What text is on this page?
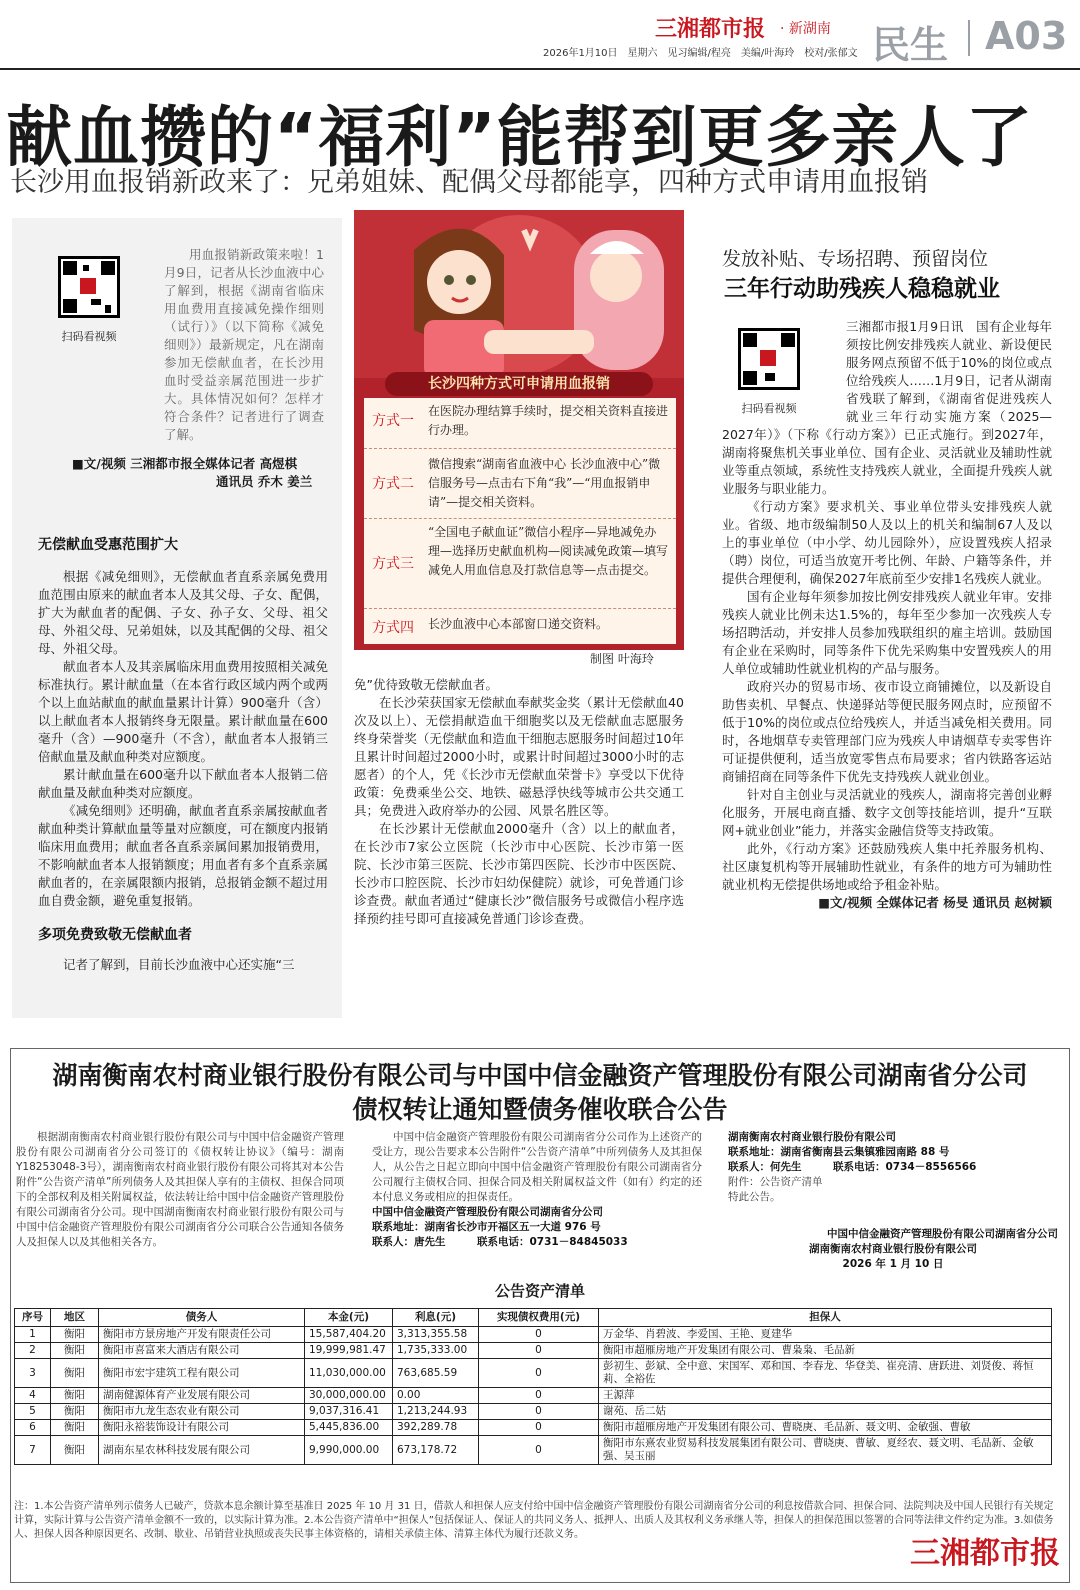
三湘都市报 · 新湖南
2026年1月10日　星期六　见习编辑/程亮　美编/叶海玲　校对/张郁文 民生 A03
献血攒的“福利”能帮到更多亲人了
长沙用血报销新政来了：兄弟姐妹、配偶父母都能享，四种方式申请用血报销
扫码看视频

用血报销新政策来啦！1月9日，记者从长沙血液中心了解到，根据《湖南省临床用血费用直接减免操作细则（试行）》（以下简称《减免细则》）最新规定，凡在湖南参加无偿献血者，在长沙用血时受益亲属范围进一步扩大。具体情况如何？怎样才符合条件？记者进行了调查了解。

■文/视频 三湘都市报全媒体记者 高煜棋
通讯员 乔木 姜兰
无偿献血受惠范围扩大

根据《减免细则》，无偿献血者直系亲属免费用血范围由原来的献血者本人及其父母、子女、配偶，扩大为献血者的配偶、子女、孙子女、父母、祖父母、外祖父母、兄弟姐妹，以及其配偶的父母、祖父母、外祖父母。

献血者本人及其亲属临床用血费用按照相关减免标准执行。累计献血量（在本省行政区域内两个或两个以上血站献血的献血量累计计算）900毫升（含）以上献血者本人报销终身无限量。累计献血量在600毫升（含）—900毫升（不含），献血者本人报销三倍献血量及献血种类对应额度。

累计献血量在600毫升以下献血者本人报销二倍献血量及献血种类对应额度。

《减免细则》还明确，献血者直系亲属按献血者献血种类计算献血量等量对应额度，可在额度内报销临床用血费用；献血者各直系亲属间累加报销费用，不影响献血者本人报销额度；用血者有多个直系亲属献血者的，在亲属限额内报销，总报销金额不超过用血自费金额，避免重复报销。

多项免费致敬无偿献血者

记者了解到，目前长沙血液中心还实施“三

长沙四种方式可申请用血报销
方式一
在医院办理结算手续时，提交相关资料直接进行办理。
方式二
微信搜索“湖南省血液中心 长沙血液中心”微信服务号—点击右下角“我”—“用血报销申请”—提交相关资料。
方式三
“全国电子献血证”微信小程序—异地减免办理—选择历史献血机构—阅读减免政策—填写减免人用血信息及打款信息等—点击提交。
方式四 长沙血液中心本部窗口递交资料。
制图 叶海玲
免”优待致敬无偿献血者。

在长沙荣获国家无偿献血奉献奖金奖（累计无偿献血40次及以上）、无偿捐献造血干细胞奖以及无偿献血志愿服务终身荣誉奖（无偿献血和造血干细胞志愿服务时间超过10年且累计时间超过2000小时，或累计时间超过3000小时的志愿者）的个人，凭《长沙市无偿献血荣誉卡》享受以下优待政策：免费乘坐公交、地铁、磁悬浮快线等城市公共交通工具；免费进入政府举办的公园、风景名胜区等。

在长沙累计无偿献血2000毫升（含）以上的献血者，在长沙市7家公立医院（长沙市中心医院、长沙市第一医院、长沙市第三医院、长沙市第四医院、长沙市中医医院、长沙市口腔医院、长沙市妇幼保健院）就诊，可免普通门诊诊查费。献血者通过“健康长沙”微信服务号或微信小程序选择预约挂号即可直接减免普通门诊诊查费。

发放补贴、专场招聘、预留岗位
三年行动助残疾人稳稳就业
扫码看视频

三湘都市报1月9日讯　国有企业每年须按比例安排残疾人就业、新设便民服务网点预留不低于10%的岗位或点位给残疾人……1月9日，记者从湖南省残联了解到，《湖南省促进残疾人就业三年行动实施方案（2025—2027年）》（下称《行动方案》）已正式施行。到2027年，湖南将聚焦机关事业单位、国有企业、灵活就业及辅助性就业等重点领域，系统性支持残疾人就业，全面提升残疾人就业服务与职业能力。

《行动方案》要求机关、事业单位带头安排残疾人就业。省级、地市级编制50人及以上的机关和编制67人及以上的事业单位（中小学、幼儿园除外），应设置残疾人招录（聘）岗位，可适当放宽开考比例、年龄、户籍等条件，并提供合理便利，确保2027年底前至少安排1名残疾人就业。

国有企业每年须参加按比例安排残疾人就业年审。安排残疾人就业比例未达1.5%的，每年至少参加一次残疾人专场招聘活动，并安排人员参加残联组织的雇主培训。鼓励国有企业在采购时，同等条件下优先采购集中安置残疾人的用人单位或辅助性就业机构的产品与服务。

政府兴办的贸易市场、夜市设立商铺摊位，以及新设自助售卖机、早餐点、快递驿站等便民服务网点时，应预留不低于10%的岗位或点位给残疾人，并适当减免相关费用。同时，各地烟草专卖管理部门应为残疾人申请烟草专卖零售许可证提供便利，适当放宽零售点布局要求；省内铁路客运站商铺招商在同等条件下优先支持残疾人就业创业。

针对自主创业与灵活就业的残疾人，湖南将完善创业孵化服务，开展电商直播、数字文创等技能培训，提升“互联网+就业创业”能力，并落实金融信贷等支持政策。

此外，《行动方案》还鼓励残疾人集中托养服务机构、社区康复机构等开展辅助性就业，有条件的地方可为辅助性就业机构无偿提供场地或给予租金补贴。

■文/视频 全媒体记者 杨旻 通讯员 赵树颖
湖南衡南农村商业银行股份有限公司与中国中信金融资产管理股份有限公司湖南省分公司
债权转让通知暨债务催收联合公告

根据湖南衡南农村商业银行股份有限公司与中国中信金融资产管理股份有限公司湖南省分公司签订的《债权转让协议》（编号：湖南Y18253048-3号），湖南衡南农村商业银行股份有限公司将其对本公告附件“公告资产清单”所列债务人及其担保人享有的主债权、担保合同项下的全部权利及相关附属权益，依法转让给中国中信金融资产管理股份有限公司湖南省分公司。现中国湖南衡南农村商业银行股份有限公司与中国中信金融资产管理股份有限公司湖南省分公司联合公告通知各债务人及担保人以及其他相关各方。

中国中信金融资产管理股份有限公司湖南省分公司作为上述资产的受让方，现公告要求本公告附件“公告资产清单”中所列债务人及其担保人，从公告之日起立即向中国中信金融资产管理股份有限公司湖南省分公司履行主债权合同、担保合同及相关附属权益文件（如有）约定的还本付息义务或相应的担保责任。

中国中信金融资产管理股份有限公司湖南省分公司
联系地址：湖南省长沙市开福区五一大道 976 号
联系人：唐先生　　　联系电话：0731－84845033
湖南衡南农村商业银行股份有限公司
联系地址：湖南省衡南县云集镇雅园南路 88 号
联系人：何先生　　　联系电话：0734－8556566
附件：公告资产清单
特此公告。
中国中信金融资产管理股份有限公司湖南省分公司
湖南衡南农村商业银行股份有限公司
2026 年 1 月 10 日
公告资产清单
序号	地区	债务人	本金(元)	利息(元)	实现债权费用(元)	担保人
1	衡阳	衡阳市方景房地产开发有限责任公司	15,587,404.20	3,313,355.58	0	万金华、肖碧波、李爱国、王艳、夏建华
2	衡阳	衡阳市喜富来大酒店有限公司	19,999,981.47	1,735,333.00	0	衡阳市超雁房地产开发集团有限公司、曹枭枭、毛品新
3	衡阳	衡阳市宏宇建筑工程有限公司	11,030,000.00	763,685.59	0	彭初生、彭斌、全中意、宋国军、邓和国、李春龙、华登美、崔亮清、唐跃进、刘贤俊、蒋恒莉、全裕佐
4	衡阳	湖南健源体育产业发展有限公司	30,000,000.00	0.00	0	王源萍
5	衡阳	衡阳市九龙生态农业有限公司	9,037,316.41	1,213,244.93	0	谢苑、岳二姑
6	衡阳	衡阳永裕装饰设计有限公司	5,445,836.00	392,289.78	0	衡阳市超雁房地产开发集团有限公司、曹晓庚、毛品新、聂文明、金敏强、曹敏
7	衡阳	湖南东星农林科技发展有限公司	9,990,000.00	673,178.72	0	衡阳市东熹农业贸易科技发展集团有限公司、曹晓庚、曹敏、夏经农、聂文明、毛品新、金敏强、吴玉丽
注：1.本公告资产清单列示债务人已破产，贷款本息余额计算至基准日 2025 年 10 月 31 日，借款人和担保人应支付给中国中信金融资产管理股份有限公司湖南省分公司的利息按借款合同、担保合同、法院判决及中国人民银行有关规定计算，实际计算与公告资产清单金额不一致的，以实际计算为准。2.本公告资产清单中“担保人”包括保证人、保证人的共同义务人、抵押人、出质人及其权利义务承继人等，担保人的担保范围以签署的合同等法律文件约定为准。3.如债务人、担保人因各种原因更名、改制、歇业、吊销营业执照或丧失民事主体资格的，请相关承债主体、清算主体代为履行还款义务。
三湘都市报
